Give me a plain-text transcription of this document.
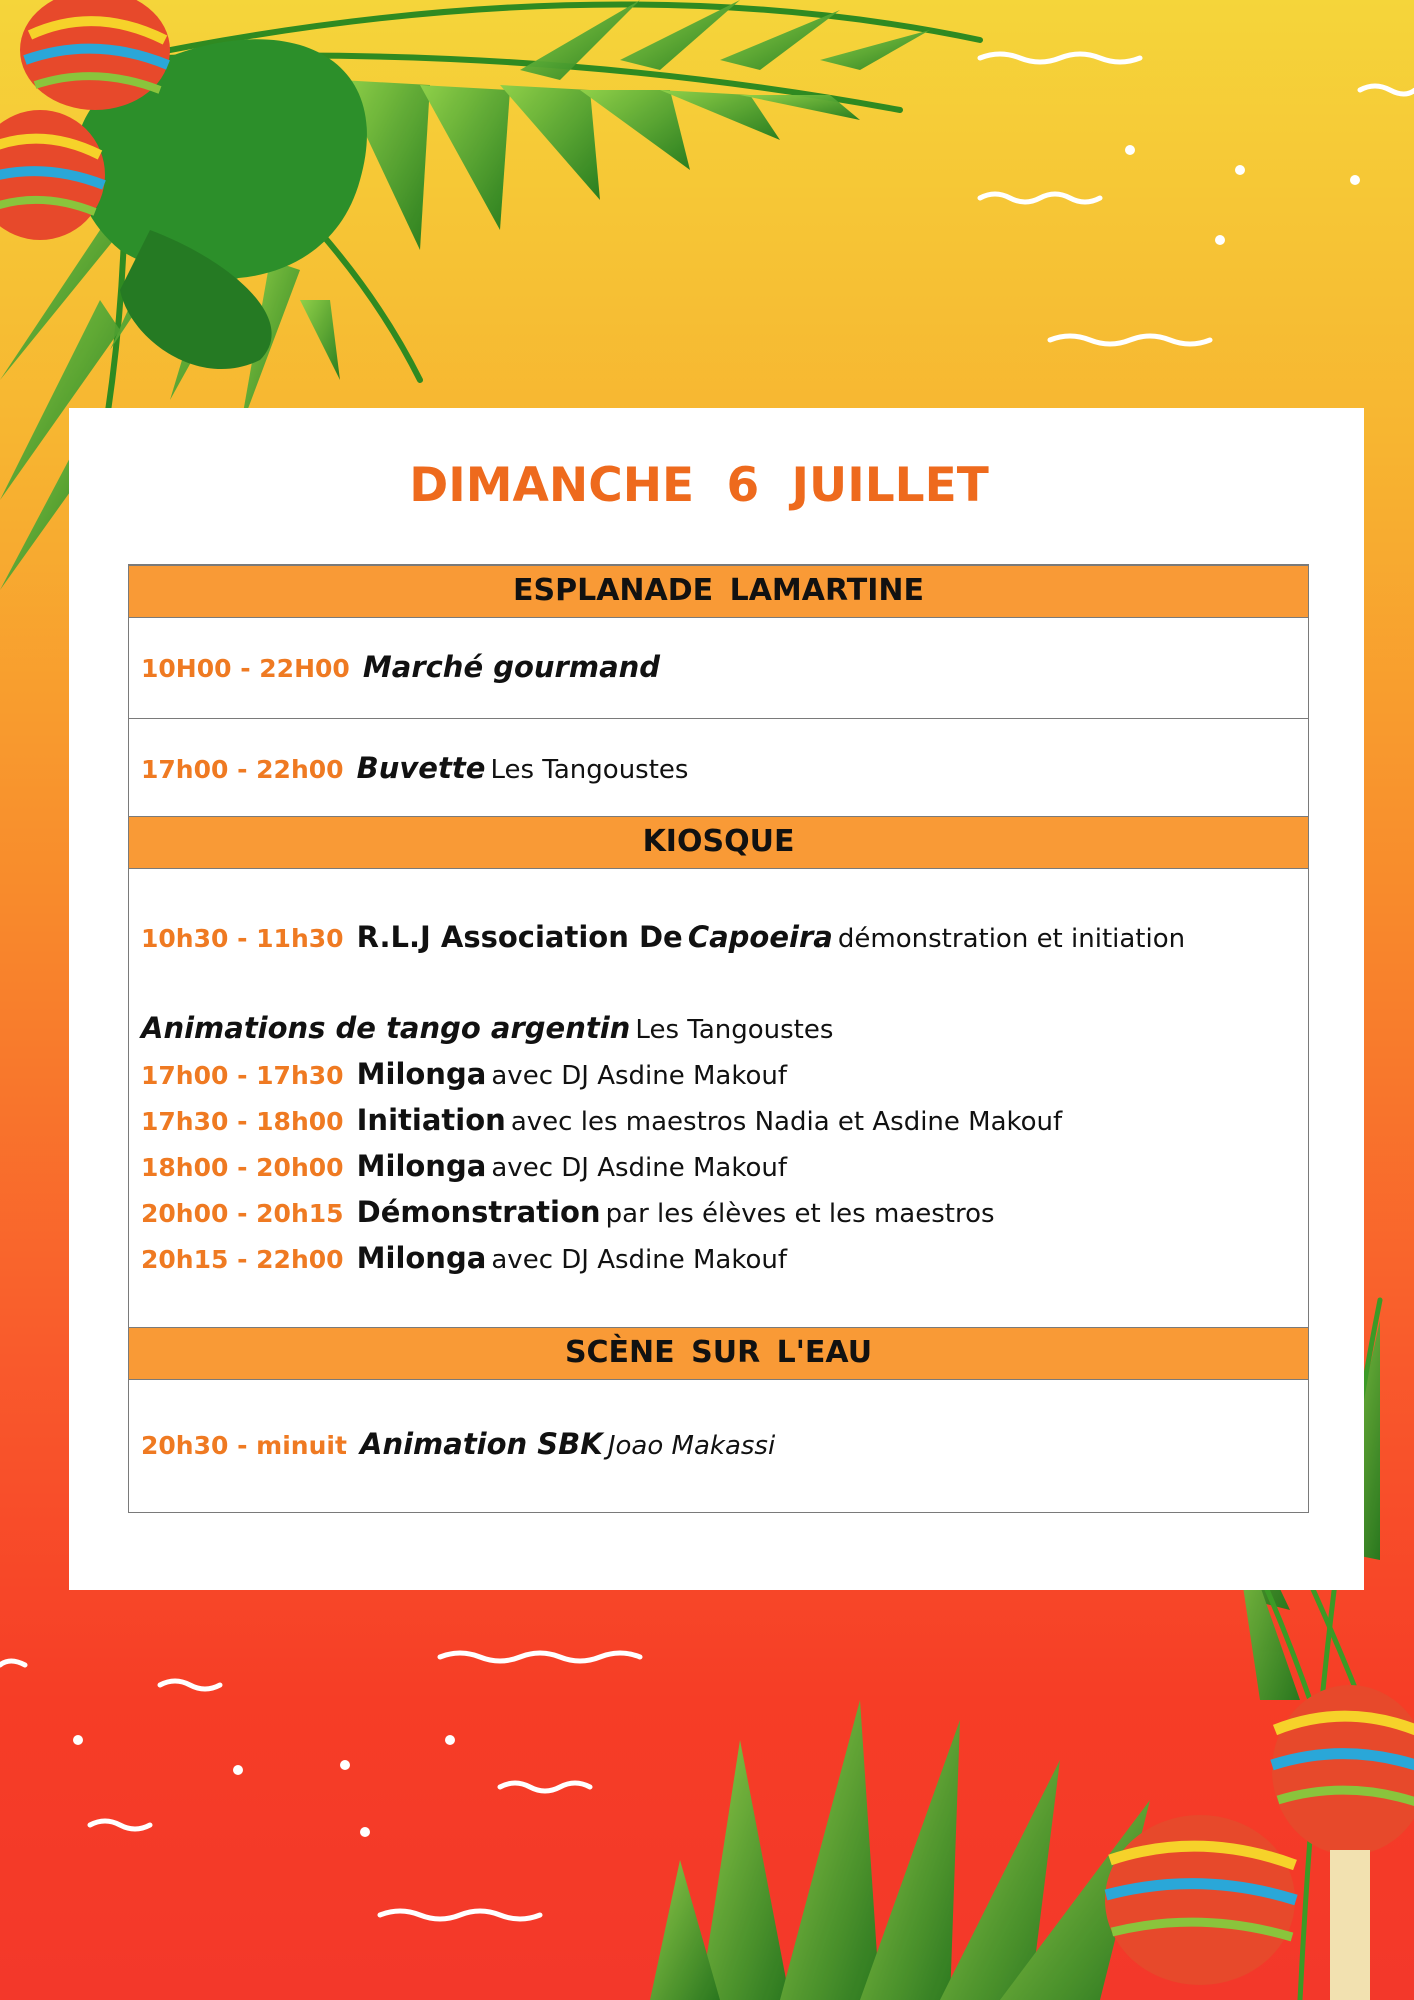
DIMANCHE 6 JUILLET
ESPLANADE LAMARTINE
10H00 - 22H00 Marché gourmand
17h00 - 22h00 Buvette Les Tangoustes
KIOSQUE
10h30 - 11h30 R.L.J Association De Capoeira démonstration et initiation
Animations de tango argentin Les Tangoustes
17h00 - 17h30 Milonga avec DJ Asdine Makouf
17h30 - 18h00 Initiation avec les maestros Nadia et Asdine Makouf
18h00 - 20h00 Milonga avec DJ Asdine Makouf
20h00 - 20h15 Démonstration par les élèves et les maestros
20h15 - 22h00 Milonga avec DJ Asdine Makouf
SCÈNE SUR L'EAU
20h30 - minuit Animation SBK Joao Makassi
